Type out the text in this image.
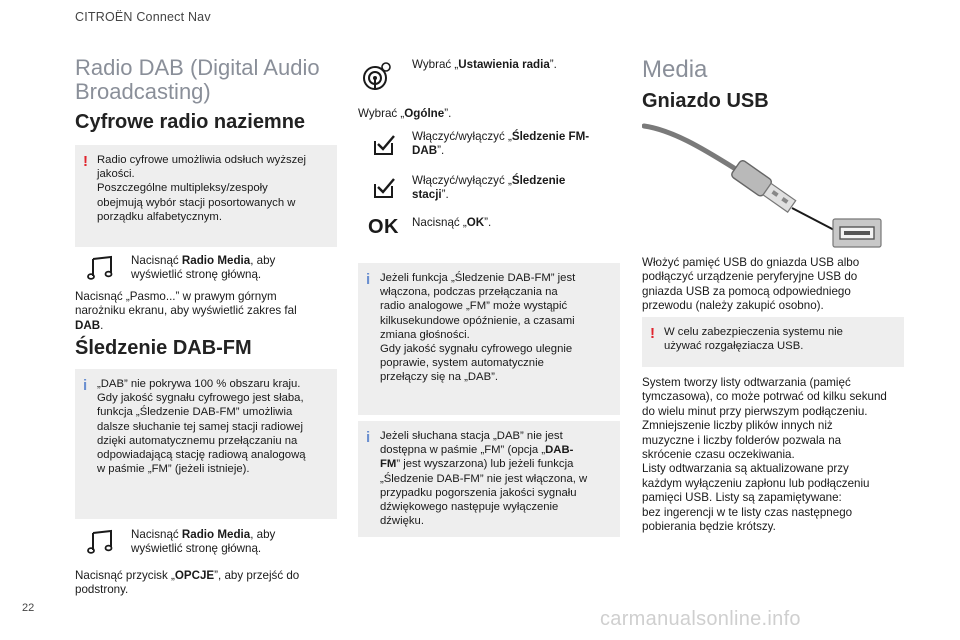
CITROËN Connect Nav
22	carmanualsonline.info

Radio DAB (Digital Audio

Broadcasting)

Cyfrowe radio naziemne
! Radio cyfrowe umożliwia odsłuch wyższej

jakości.

Poszczególne multipleksy/zespoły

obejmują wybór stacji posortowanych w

porządku alfabetycznym.

Nacisnąć Radio Media, aby

wyświetlić stronę główną.

Nacisnąć „Pasmo...” w prawym górnym

narożniku ekranu, aby wyświetlić zakres fal

DAB.

Śledzenie DAB-FM
i „DAB” nie pokrywa 100 % obszaru kraju.

Gdy jakość sygnału cyfrowego jest słaba,

funkcja „Śledzenie DAB-FM” umożliwia

dalsze słuchanie tej samej stacji radiowej

dzięki automatycznemu przełączaniu na

odpowiadającą stację radiową analogową

w paśmie „FM” (jeżeli istnieje).

Nacisnąć Radio Media, aby

wyświetlić stronę główną.

Nacisnąć przycisk „OPCJE”, aby przejść do

podstrony.

Wybrać „Ustawienia radia”.

Wybrać „Ogólne”.

Włączyć/wyłączyć „Śledzenie FM-

DAB”.

Włączyć/wyłączyć „Śledzenie

stacji”.

OK Nacisnąć „OK”.

i Jeżeli funkcja „Śledzenie DAB-FM” jest

włączona, podczas przełączania na

radio analogowe „FM” może wystąpić

kilkusekundowe opóźnienie, a czasami

zmiana głośności.

Gdy jakość sygnału cyfrowego ulegnie

poprawie, system automatycznie

przełączy się na „DAB”.

i Jeżeli słuchana stacja „DAB” nie jest

dostępna w paśmie „FM” (opcja „DAB-

FM” jest wyszarzona) lub jeżeli funkcja

„Śledzenie DAB-FM” nie jest włączona, w

przypadku pogorszenia jakości sygnału

dźwiękowego następuje wyłączenie

dźwięku.

Media
Gniazdo USB

Włożyć pamięć USB do gniazda USB albo

podłączyć urządzenie peryferyjne USB do

gniazda USB za pomocą odpowiedniego

przewodu (należy zakupić osobno).

! W celu zabezpieczenia systemu nie

używać rozgałęziacza USB.

System tworzy listy odtwarzania (pamięć

tymczasowa), co może potrwać od kilku sekund

do wielu minut przy pierwszym podłączeniu.

Zmniejszenie liczby plików innych niż

muzyczne i liczby folderów pozwala na

skrócenie czasu oczekiwania.

Listy odtwarzania są aktualizowane przy

każdym wyłączeniu zapłonu lub podłączeniu

pamięci USB. Listy są zapamiętywane:

bez ingerencji w te listy czas następnego

pobierania będzie krótszy.
